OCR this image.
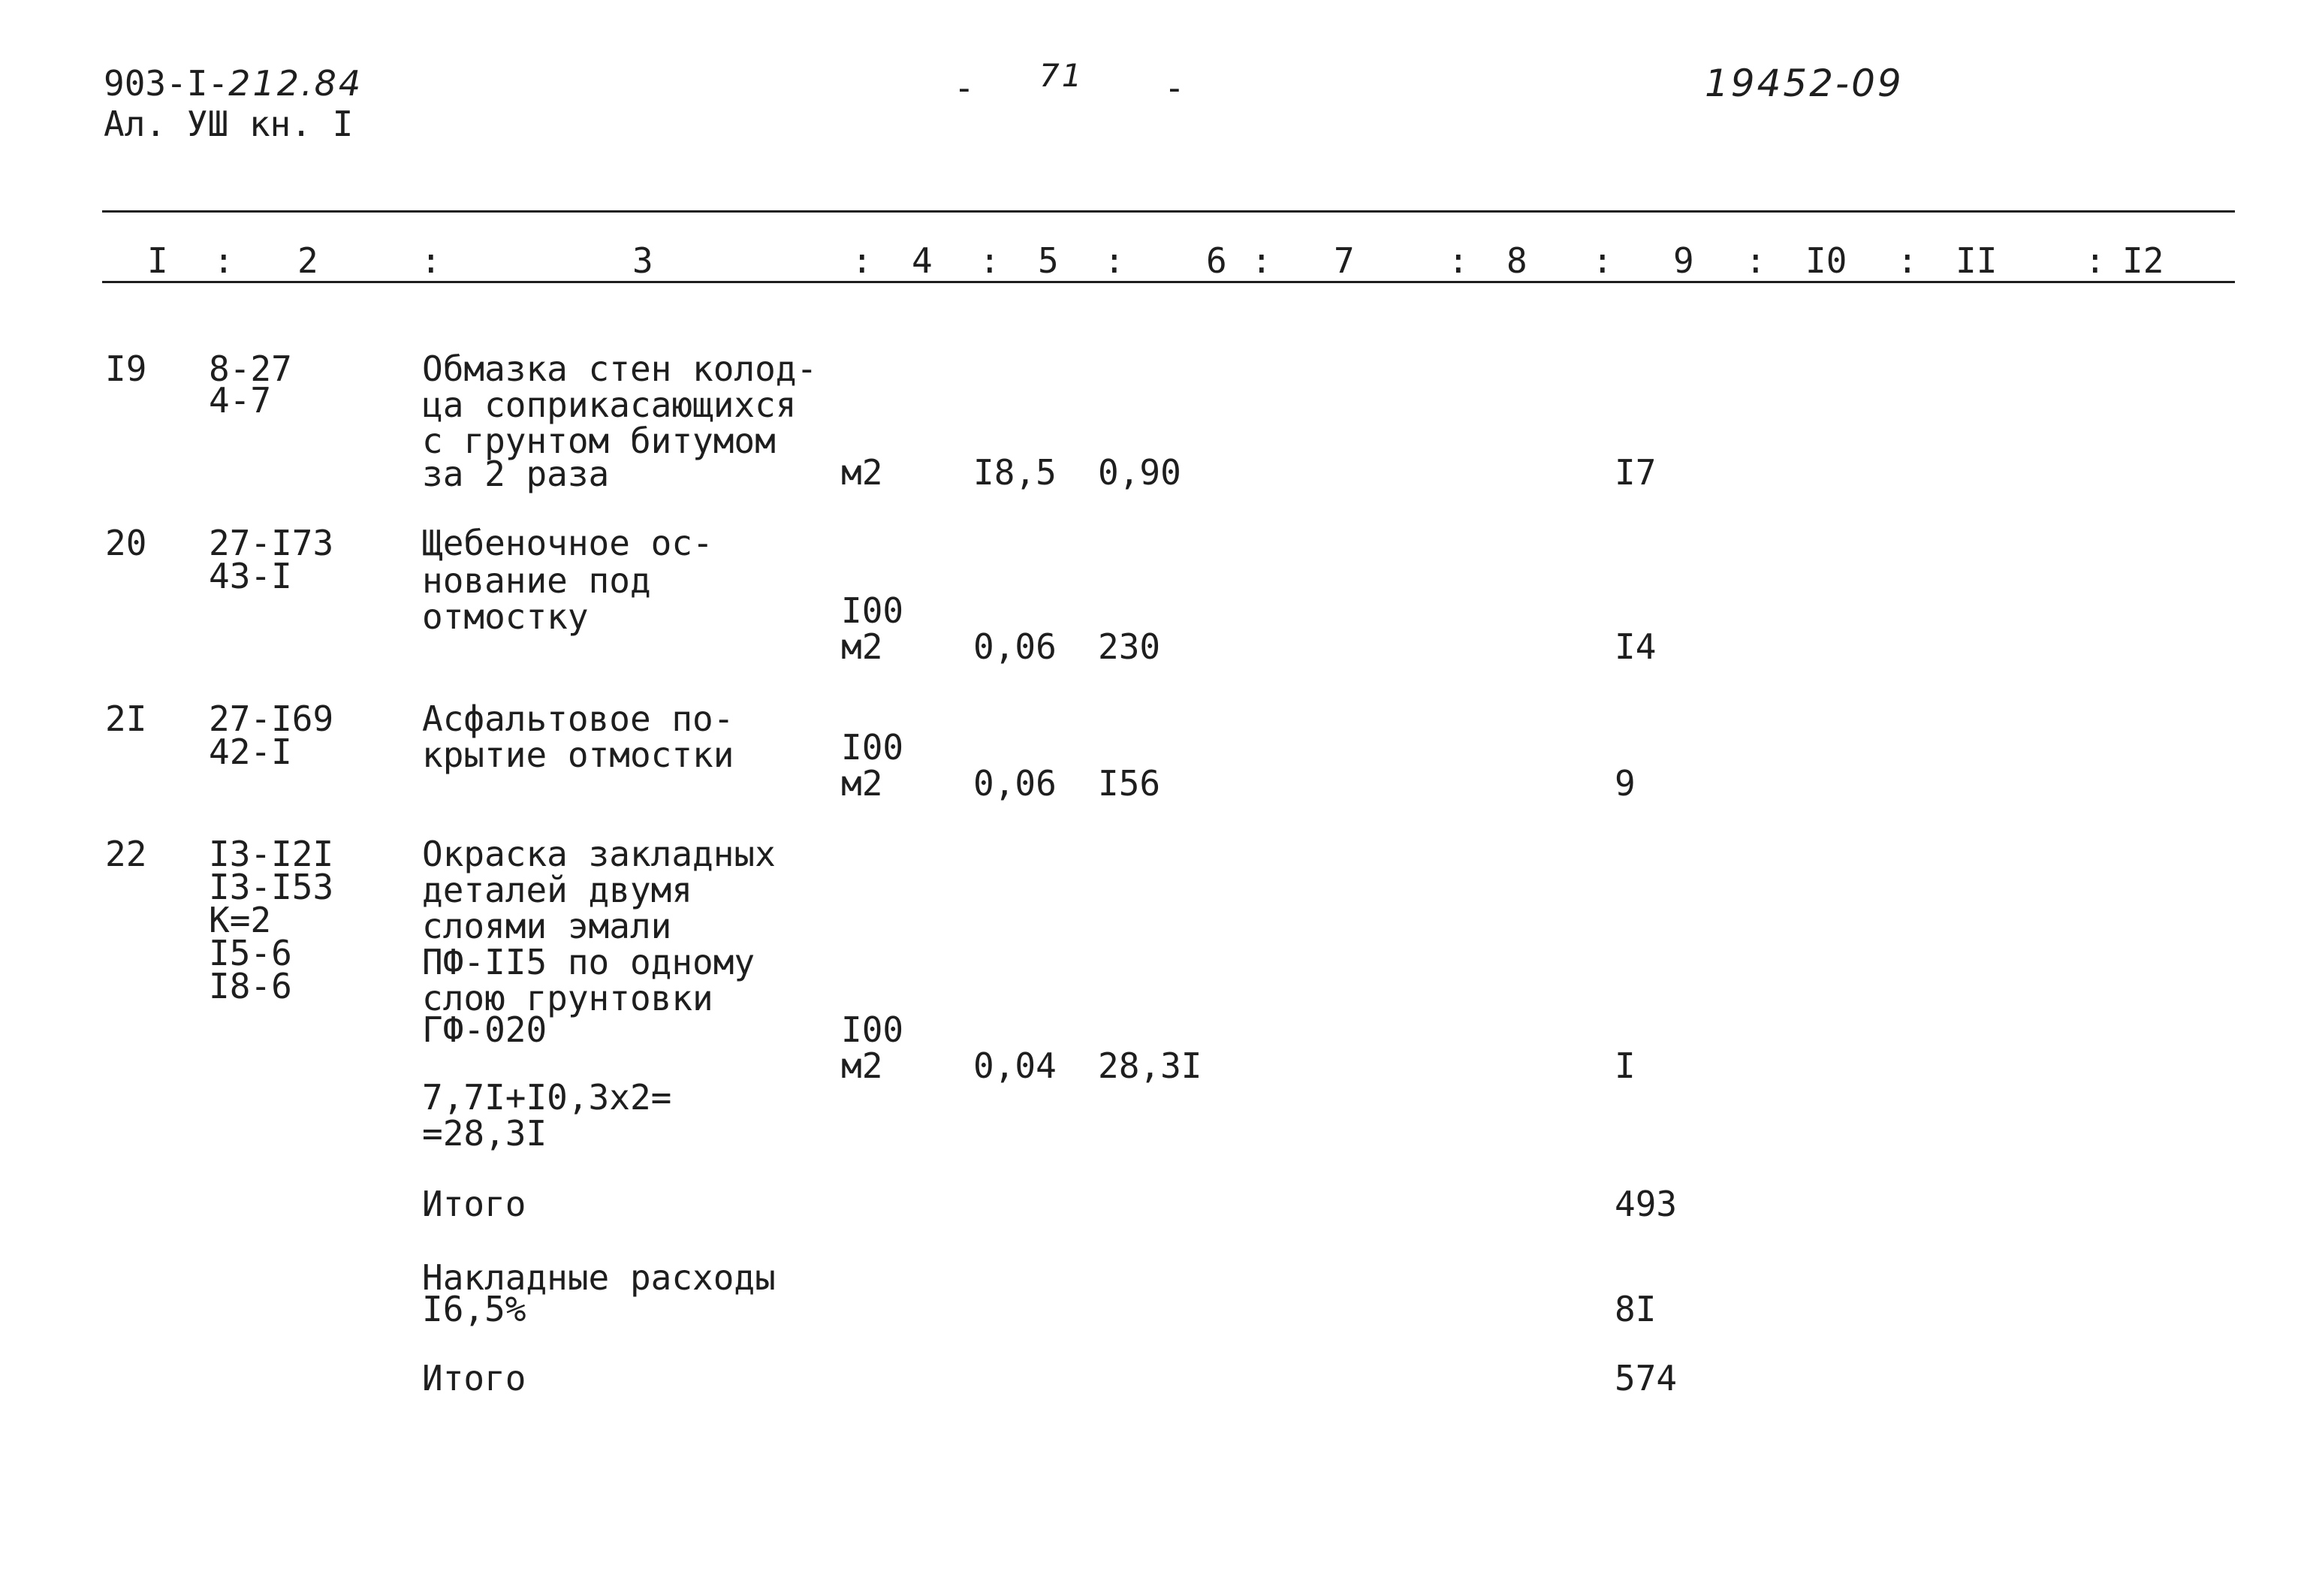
903-I-212.84
Ал. УШ кн. I
- 71 -	19452-09
I : 2	:	3	: 4 : 5 : 6 : 7	: 8 : 9 : I0 : II	: I2
I9 8-27
4-7
Обмазка стен колод-
ца соприкасающихся
с грунтом битумом
за 2 раза	м2	I8,5 0,90	I7
20 27-I73
43-I
Щебеночное ос-
нование под
отмостку	I00
м2	0,06 230	I4
2I 27-I69
42-I
Асфальтовое по-
крытие отмостки	I00
м2	0,06 I56	9
22 I3-I2I
I3-I53
К=2
I5-6
I8-6
Окраска закладных
деталей двумя
слоями эмали
ПФ-II5 по одному
слою грунтовки
ГФ-020
7,7I+I0,3х2=
=28,3I
I00
м2	0,04 28,3I	I
Итого	493
Накладные расходы
I6,5%	8I
Итого	574
